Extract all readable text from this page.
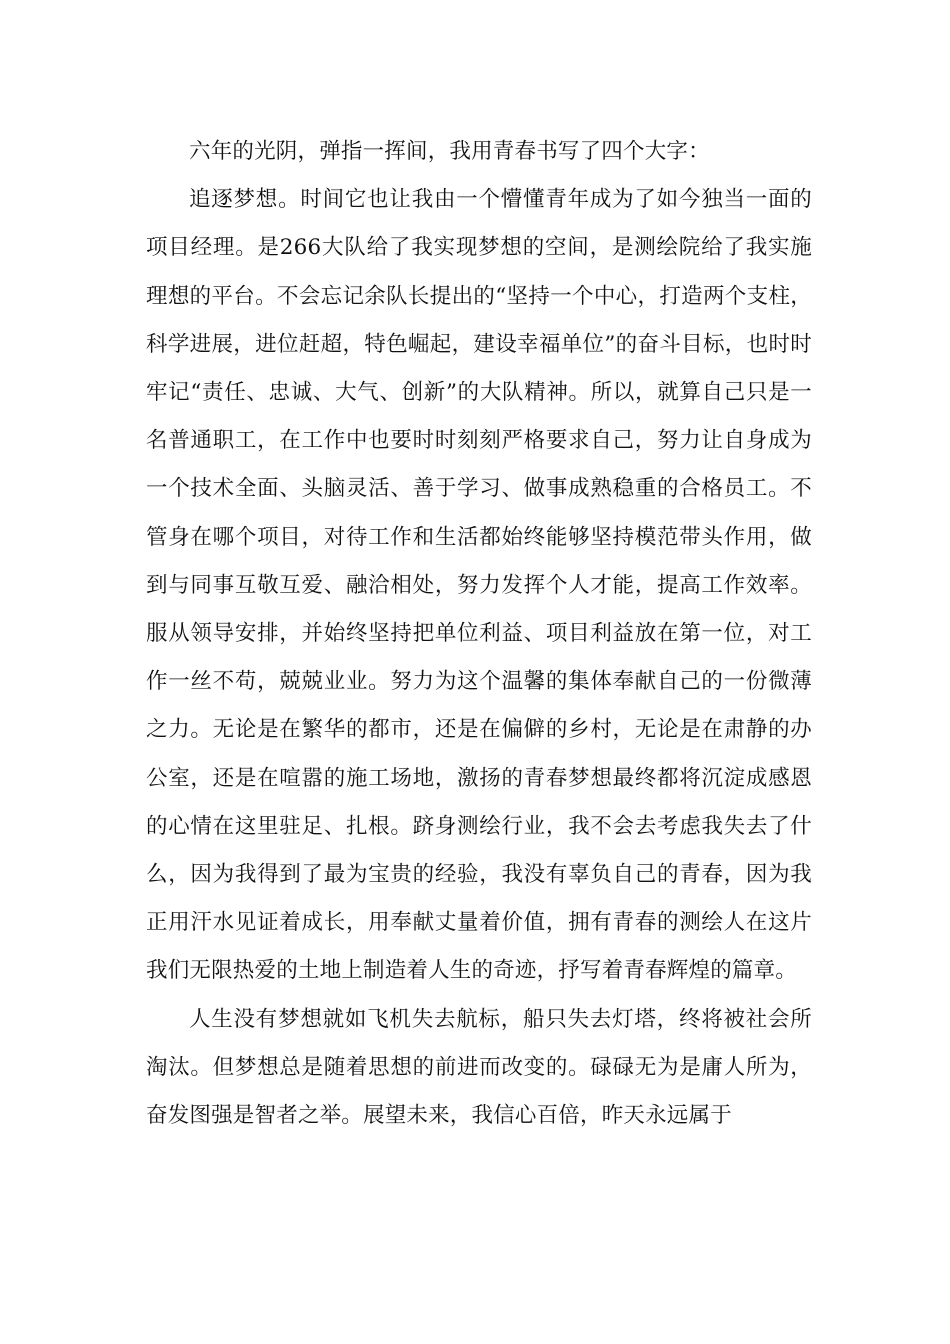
六年的光阴，弹指一挥间，我用青春书写了四个大字：

追逐梦想。时间它也让我由一个懵懂青年成为了如今独当一面的项目经理。是266大队给了我实现梦想的空间，是测绘院给了我实施理想的平台。不会忘记余队长提出的“坚持一个中心，打造两个支柱，科学进展，进位赶超，特色崛起，建设幸福单位”的奋斗目标，也时时牢记“责任、忠诚、大气、创新”的大队精神。所以，就算自己只是一名普通职工，在工作中也要时时刻刻严格要求自己，努力让自身成为一个技术全面、头脑灵活、善于学习、做事成熟稳重的合格员工。不管身在哪个项目，对待工作和生活都始终能够坚持模范带头作用，做到与同事互敬互爱、融洽相处，努力发挥个人才能，提高工作效率。服从领导安排，并始终坚持把单位利益、项目利益放在第一位，对工作一丝不苟，兢兢业业。努力为这个温馨的集体奉献自己的一份微薄之力。无论是在繁华的都市，还是在偏僻的乡村，无论是在肃静的办公室，还是在喧嚣的施工场地，激扬的青春梦想最终都将沉淀成感恩的心情在这里驻足、扎根。跻身测绘行业，我不会去考虑我失去了什么，因为我得到了最为宝贵的经验，我没有辜负自己的青春，因为我正用汗水见证着成长，用奉献丈量着价值，拥有青春的测绘人在这片我们无限热爱的土地上制造着人生的奇迹，抒写着青春辉煌的篇章。

人生没有梦想就如飞机失去航标，船只失去灯塔，终将被社会所淘汰。但梦想总是随着思想的前进而改变的。碌碌无为是庸人所为，奋发图强是智者之举。展望未来，我信心百倍，昨天永远属于
